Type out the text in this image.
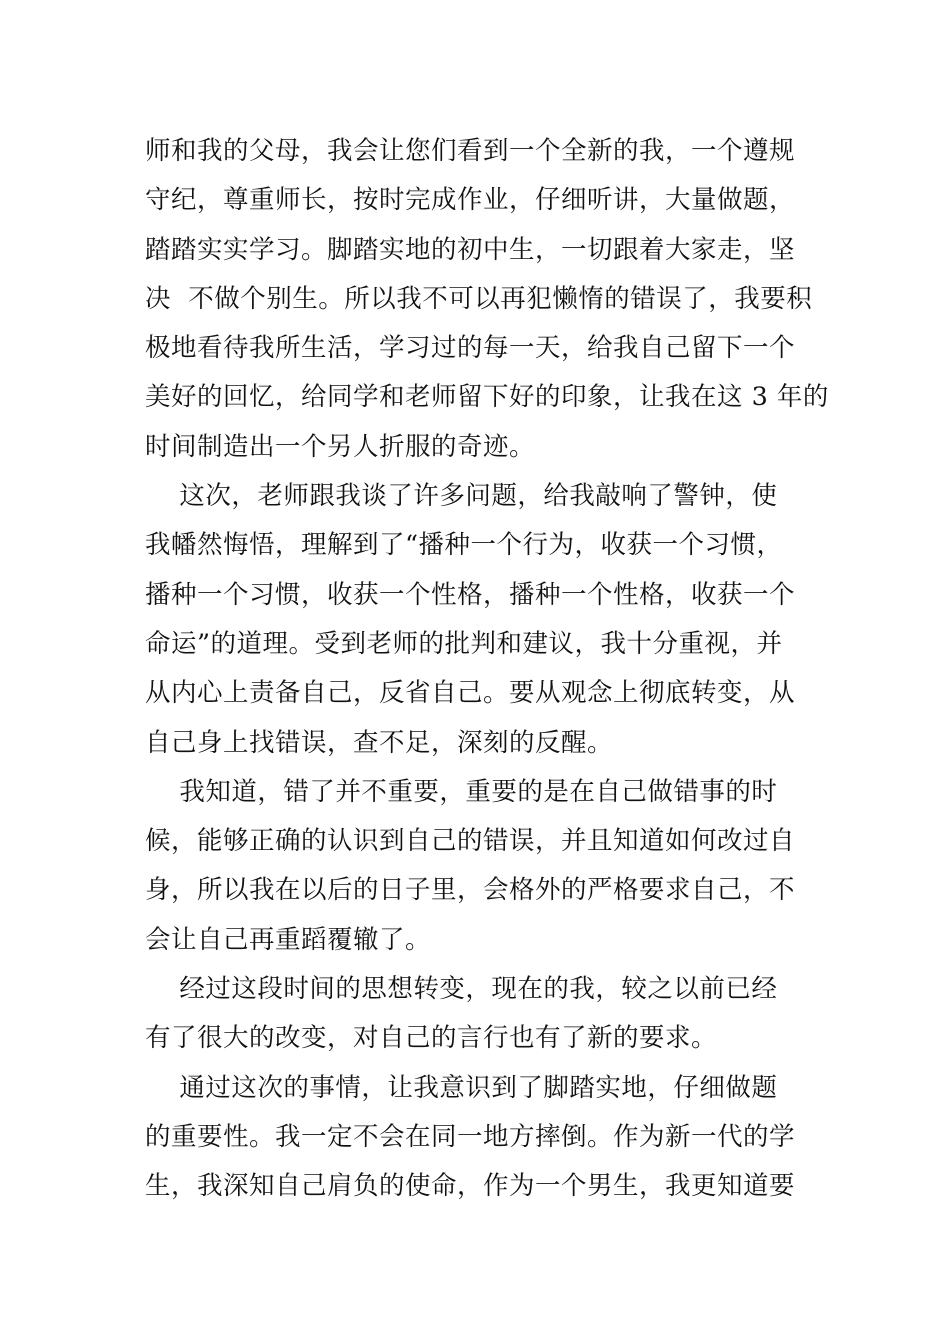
师和我的父母，我会让您们看到一个全新的我，一个遵规
守纪，尊重师长，按时完成作业，仔细听讲，大量做题，
踏踏实实学习。脚踏实地的初中生，一切跟着大家走，坚
决  不做个别生。所以我不可以再犯懒惰的错误了，我要积
极地看待我所生活，学习过的每一天，给我自己留下一个
美好的回忆，给同学和老师留下好的印象，让我在这 3 年的
时间制造出一个另人折服的奇迹。
这次，老师跟我谈了许多问题，给我敲响了警钟，使
我幡然悔悟，理解到了“播种一个行为，收获一个习惯，
播种一个习惯，收获一个性格，播种一个性格，收获一个
命运”的道理。受到老师的批判和建议，我十分重视，并
从内心上责备自己，反省自己。要从观念上彻底转变，从
自己身上找错误，查不足，深刻的反醒。
我知道，错了并不重要，重要的是在自己做错事的时
候，能够正确的认识到自己的错误，并且知道如何改过自
身，所以我在以后的日子里，会格外的严格要求自己，不
会让自己再重蹈覆辙了。
经过这段时间的思想转变，现在的我，较之以前已经
有了很大的改变，对自己的言行也有了新的要求。
通过这次的事情，让我意识到了脚踏实地，仔细做题
的重要性。我一定不会在同一地方摔倒。作为新一代的学
生，我深知自己肩负的使命，作为一个男生，我更知道要
